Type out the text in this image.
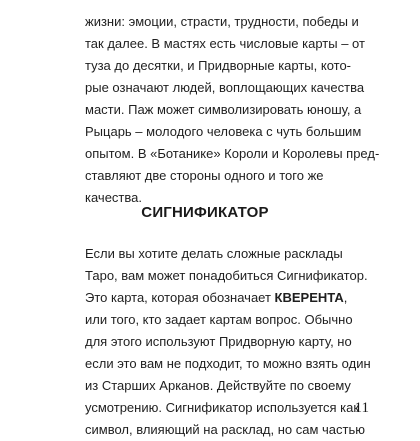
жизни: эмоции, страсти, трудности, победы и
так далее. В мастях есть числовые карты – от
туза до десятки, и Придворные карты, кото-
рые означают людей, воплощающих качества
масти. Паж может символизировать юношу, а
Рыцарь – молодого человека с чуть большим
опытом. В «Ботанике» Короли и Королевы пред-
ставляют две стороны одного и того же
качества.

СИГНИФИКАТОР

Если вы хотите делать сложные расклады
Таро, вам может понадобиться Сигнификатор.
Это карта, которая обозначает КВЕРЕНТА,
или того, кто задает картам вопрос. Обычно
для этого используют Придворную карту, но
если это вам не подходит, то можно взять один
из Старших Арканов. Действуйте по своему
усмотрению. Сигнификатор используется как
символ, влияющий на расклад, но сам частью

11
